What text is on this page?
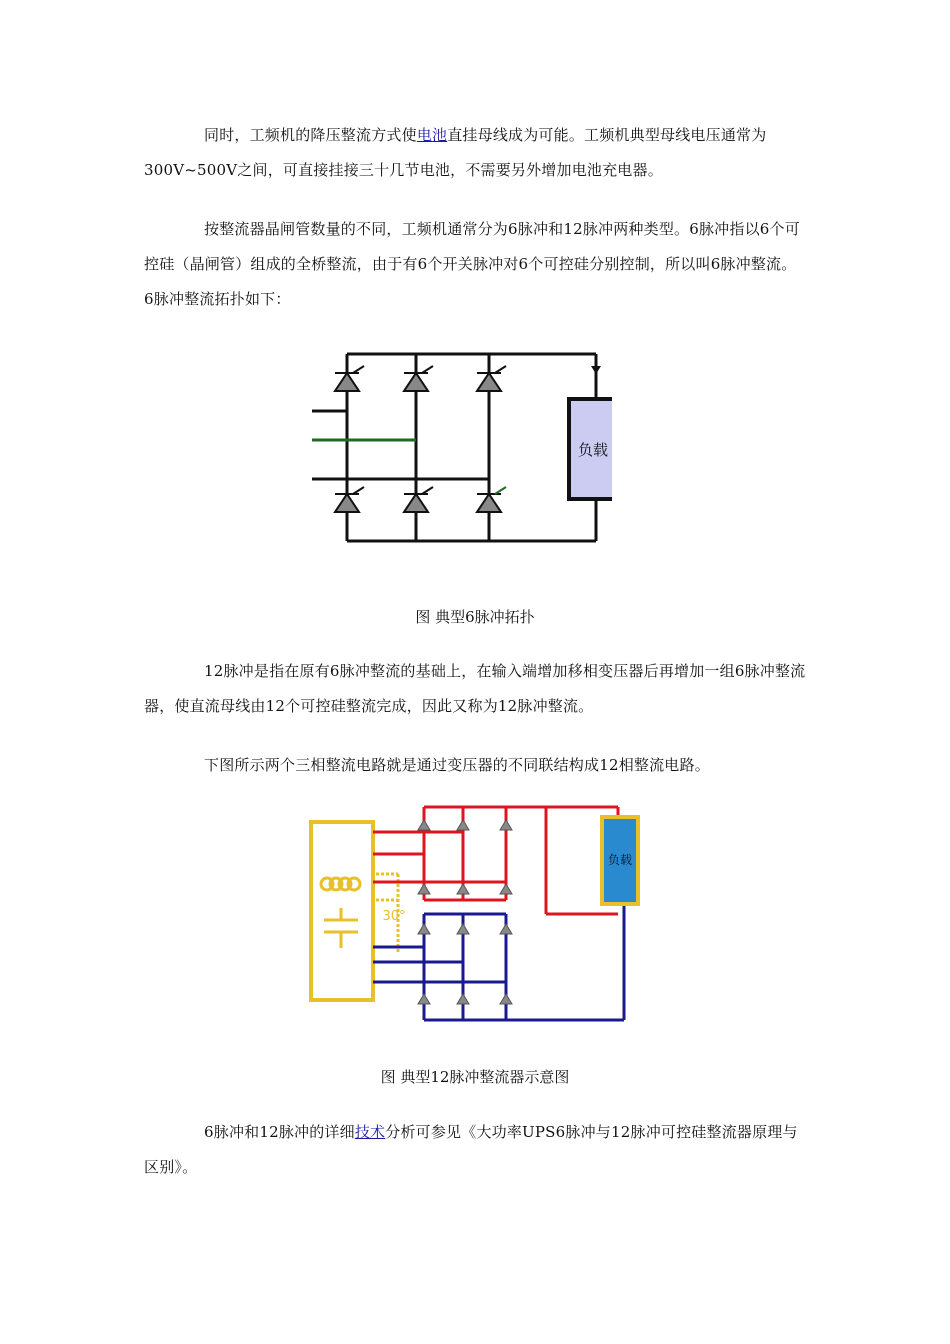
同时，工频机的降压整流方式使电池直挂母线成为可能。工频机典型母线电压通常为300V~500V之间，可直接挂接三十几节电池，不需要另外增加电池充电器。

按整流器晶闸管数量的不同，工频机通常分为6脉冲和12脉冲两种类型。6脉冲指以6个可控硅（晶闸管）组成的全桥整流，由于有6个开关脉冲对6个可控硅分别控制，所以叫6脉冲整流。6脉冲整流拓扑如下：

负载

图 典型6脉冲拓扑

12脉冲是指在原有6脉冲整流的基础上，在输入端增加移相变压器后再增加一组6脉冲整流器，使直流母线由12个可控硅整流完成，因此又称为12脉冲整流。

下图所示两个三相整流电路就是通过变压器的不同联结构成12相整流电路。

30°
负载

图 典型12脉冲整流器示意图

6脉冲和12脉冲的详细技术分析可参见《大功率UPS6脉冲与12脉冲可控硅整流器原理与区别》。
